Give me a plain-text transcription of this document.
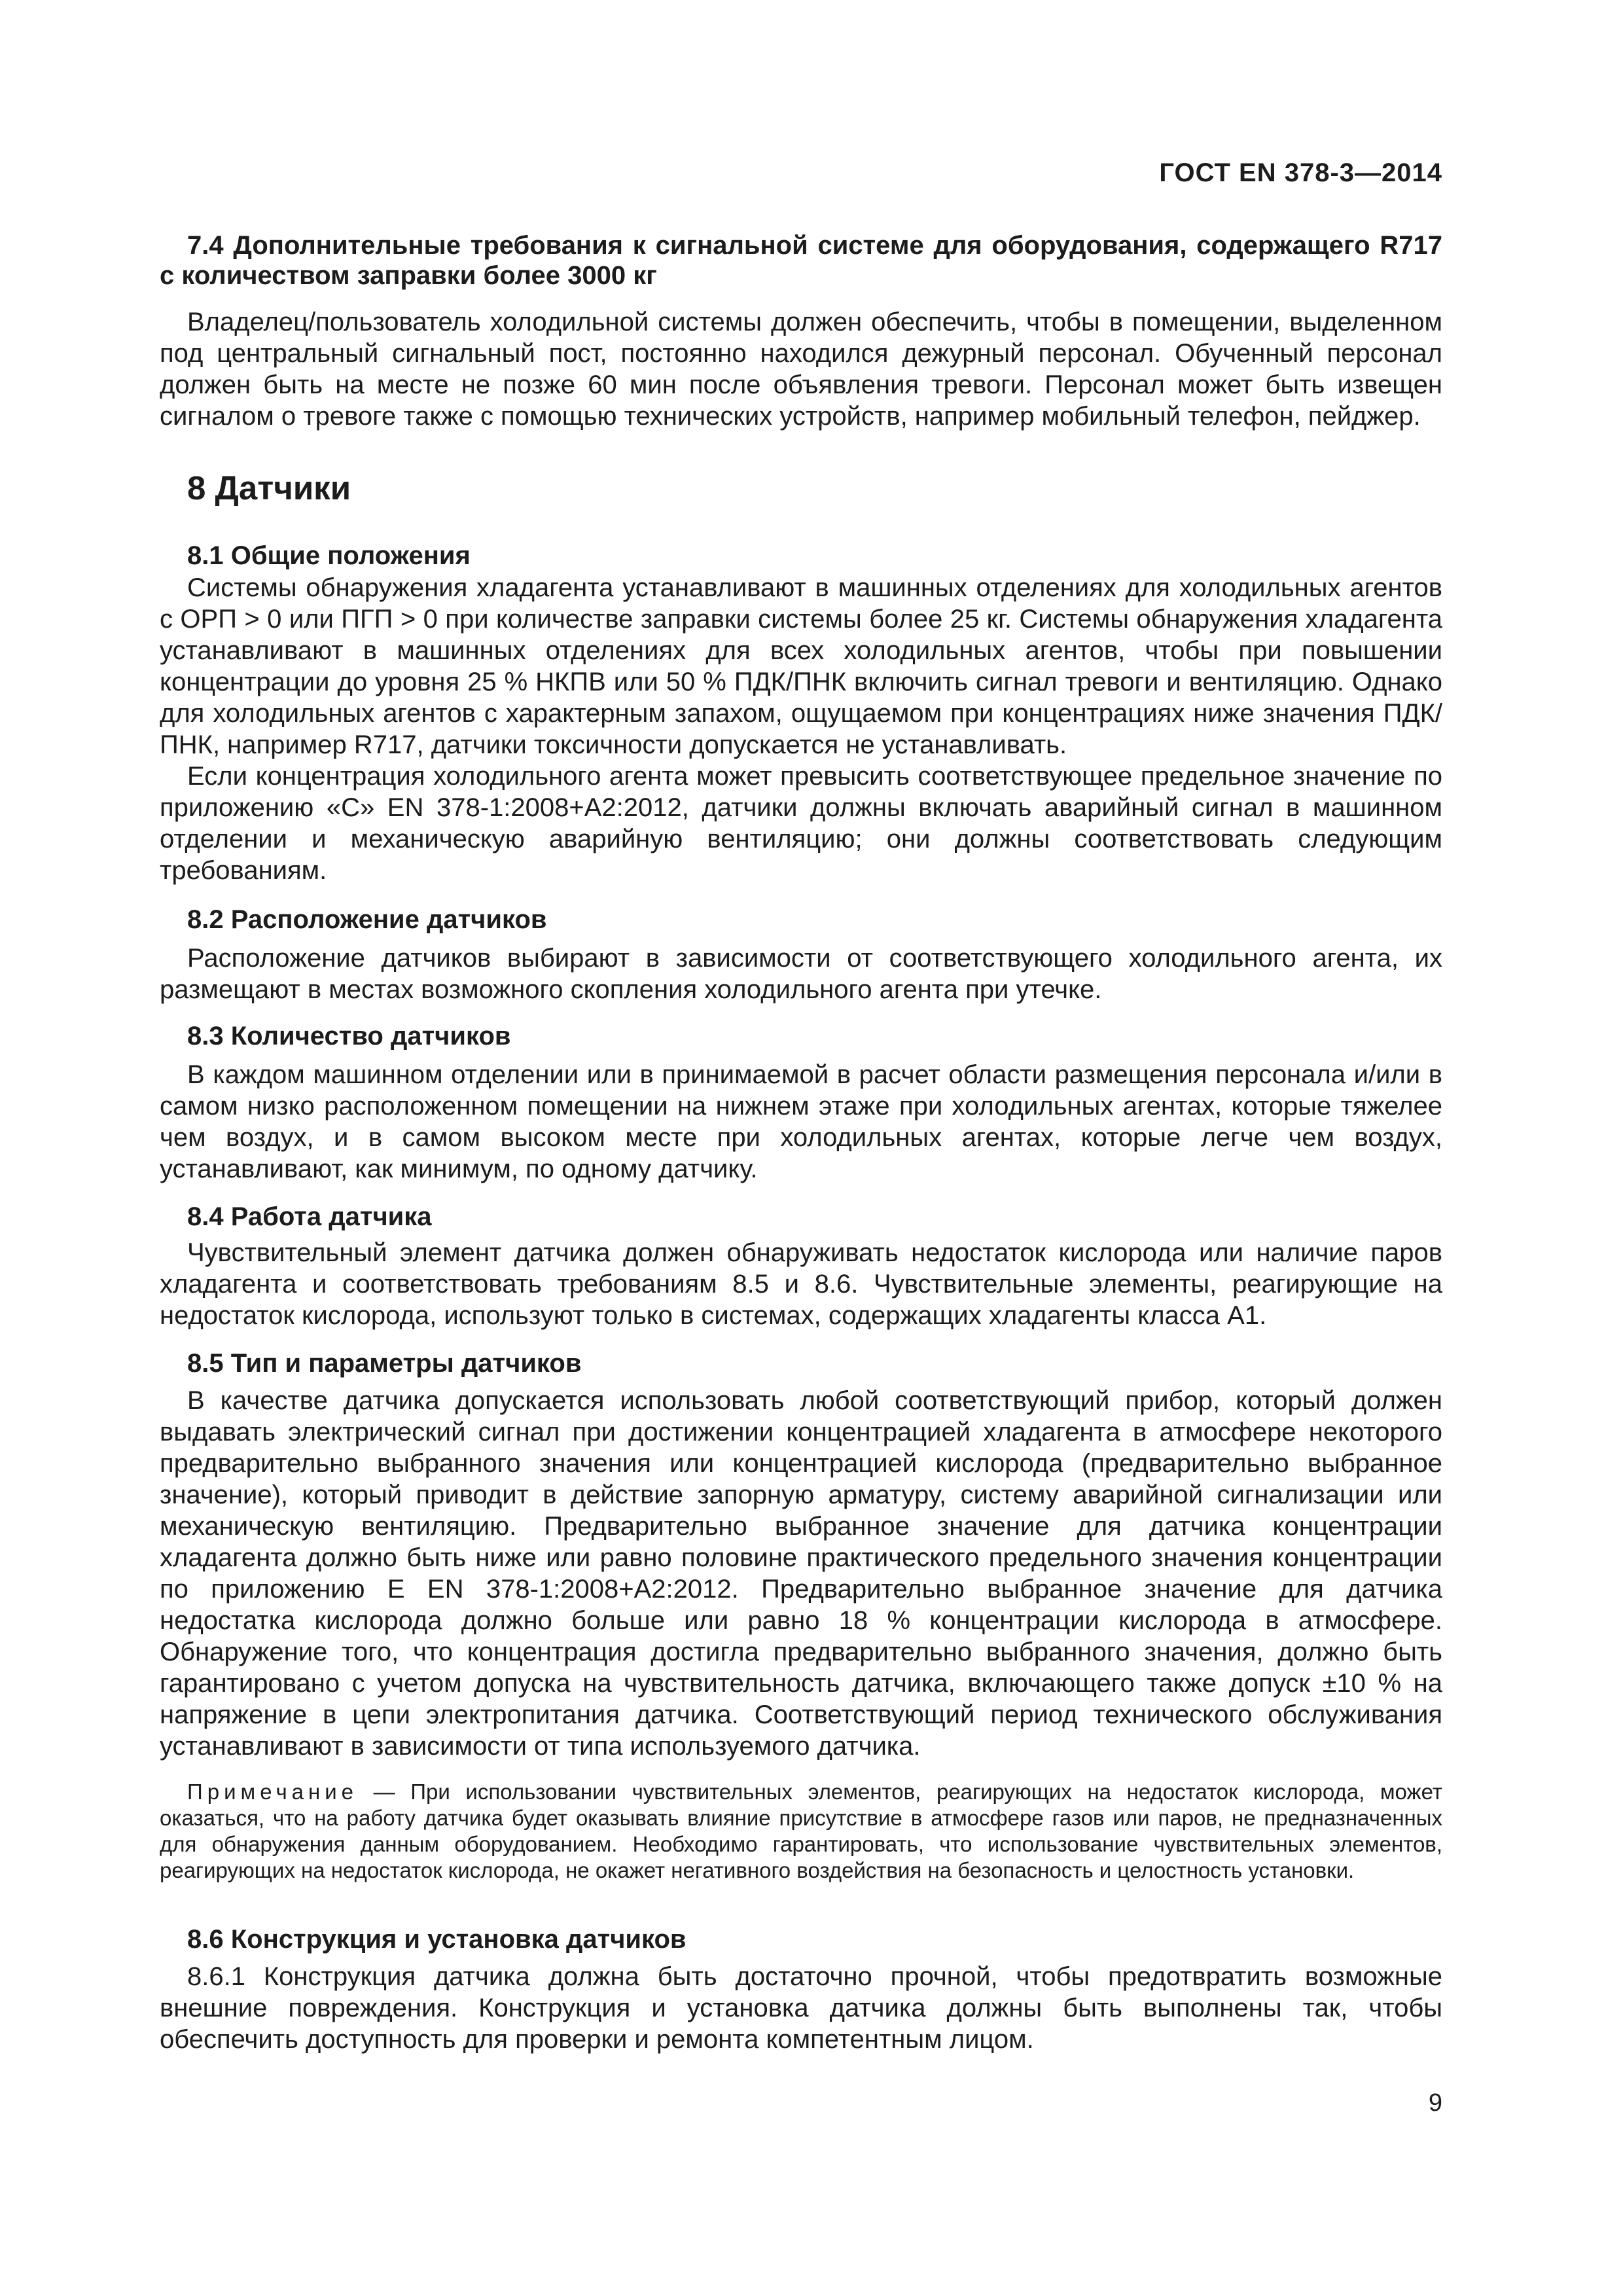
ГОСТ EN 378-3—2014

7.4 Дополнительные требования к сигнальной системе для оборудования, содержащего R717 с количеством заправки более 3000 кг

Владелец/пользователь холодильной системы должен обеспечить, чтобы в помещении, выделенном под центральный сигнальный пост, постоянно находился дежурный персонал. Обученный персонал должен быть на месте не позже 60 мин после объявления тревоги. Персонал может быть извещен сигналом о тревоге также с помощью технических устройств, например мобильный телефон, пейджер.

8 Датчики
8.1 Общие положения

Системы обнаружения хладагента устанавливают в машинных отделениях для холодильных агентов с ОРП > 0 или ПГП > 0 при количестве заправки системы более 25 кг. Системы обнаружения хладагента устанавливают в машинных отделениях для всех холодильных агентов, чтобы при повышении концентрации до уровня 25 % НКПВ или 50 % ПДК/ПНК включить сигнал тревоги и вентиляцию. Однако для холодильных агентов с характерным запахом, ощущаемом при концентрациях ниже значения ПДК/ПНК, например R717, датчики токсичности допускается не устанавливать.

Если концентрация холодильного агента может превысить соответствующее предельное значение по приложению «С» EN 378-1:2008+A2:2012, датчики должны включать аварийный сигнал в машинном отделении и механическую аварийную вентиляцию; они должны соответствовать следующим требованиям.

8.2 Расположение датчиков

Расположение датчиков выбирают в зависимости от соответствующего холодильного агента, их размещают в местах возможного скопления холодильного агента при утечке.

8.3 Количество датчиков

В каждом машинном отделении или в принимаемой в расчет области размещения персонала и/или в самом низко расположенном помещении на нижнем этаже при холодильных агентах, которые тяжелее чем воздух, и в самом высоком месте при холодильных агентах, которые легче чем воздух, устанавливают, как минимум, по одному датчику.

8.4 Работа датчика

Чувствительный элемент датчика должен обнаруживать недостаток кислорода или наличие паров хладагента и соответствовать требованиям 8.5 и 8.6. Чувствительные элементы, реагирующие на недостаток кислорода, используют только в системах, содержащих хладагенты класса А1.

8.5 Тип и параметры датчиков

В качестве датчика допускается использовать любой соответствующий прибор, который должен выдавать электрический сигнал при достижении концентрацией хладагента в атмосфере некоторого предварительно выбранного значения или концентрацией кислорода (предварительно выбранное значение), который приводит в действие запорную арматуру, систему аварийной сигнализации или механическую вентиляцию. Предварительно выбранное значение для датчика концентрации хладагента должно быть ниже или равно половине практического предельного значения концентрации по приложению Е EN 378-1:2008+A2:2012. Предварительно выбранное значение для датчика недостатка кислорода должно больше или равно 18 % концентрации кислорода в атмосфере. Обнаружение того, что концентрация достигла предварительно выбранного значения, должно быть гарантировано с учетом допуска на чувствительность датчика, включающего также допуск ±10 % на напряжение в цепи электропитания датчика. Соответствующий период технического обслуживания устанавливают в зависимости от типа используемого датчика.

Примечание — При использовании чувствительных элементов, реагирующих на недостаток кислорода, может оказаться, что на работу датчика будет оказывать влияние присутствие в атмосфере газов или паров, не предназначенных для обнаружения данным оборудованием. Необходимо гарантировать, что использование чувствительных элементов, реагирующих на недостаток кислорода, не окажет негативного воздействия на безопасность и целостность установки.

8.6 Конструкция и установка датчиков

8.6.1 Конструкция датчика должна быть достаточно прочной, чтобы предотвратить возможные внешние повреждения. Конструкция и установка датчика должны быть выполнены так, чтобы обеспечить доступность для проверки и ремонта компетентным лицом.

9
